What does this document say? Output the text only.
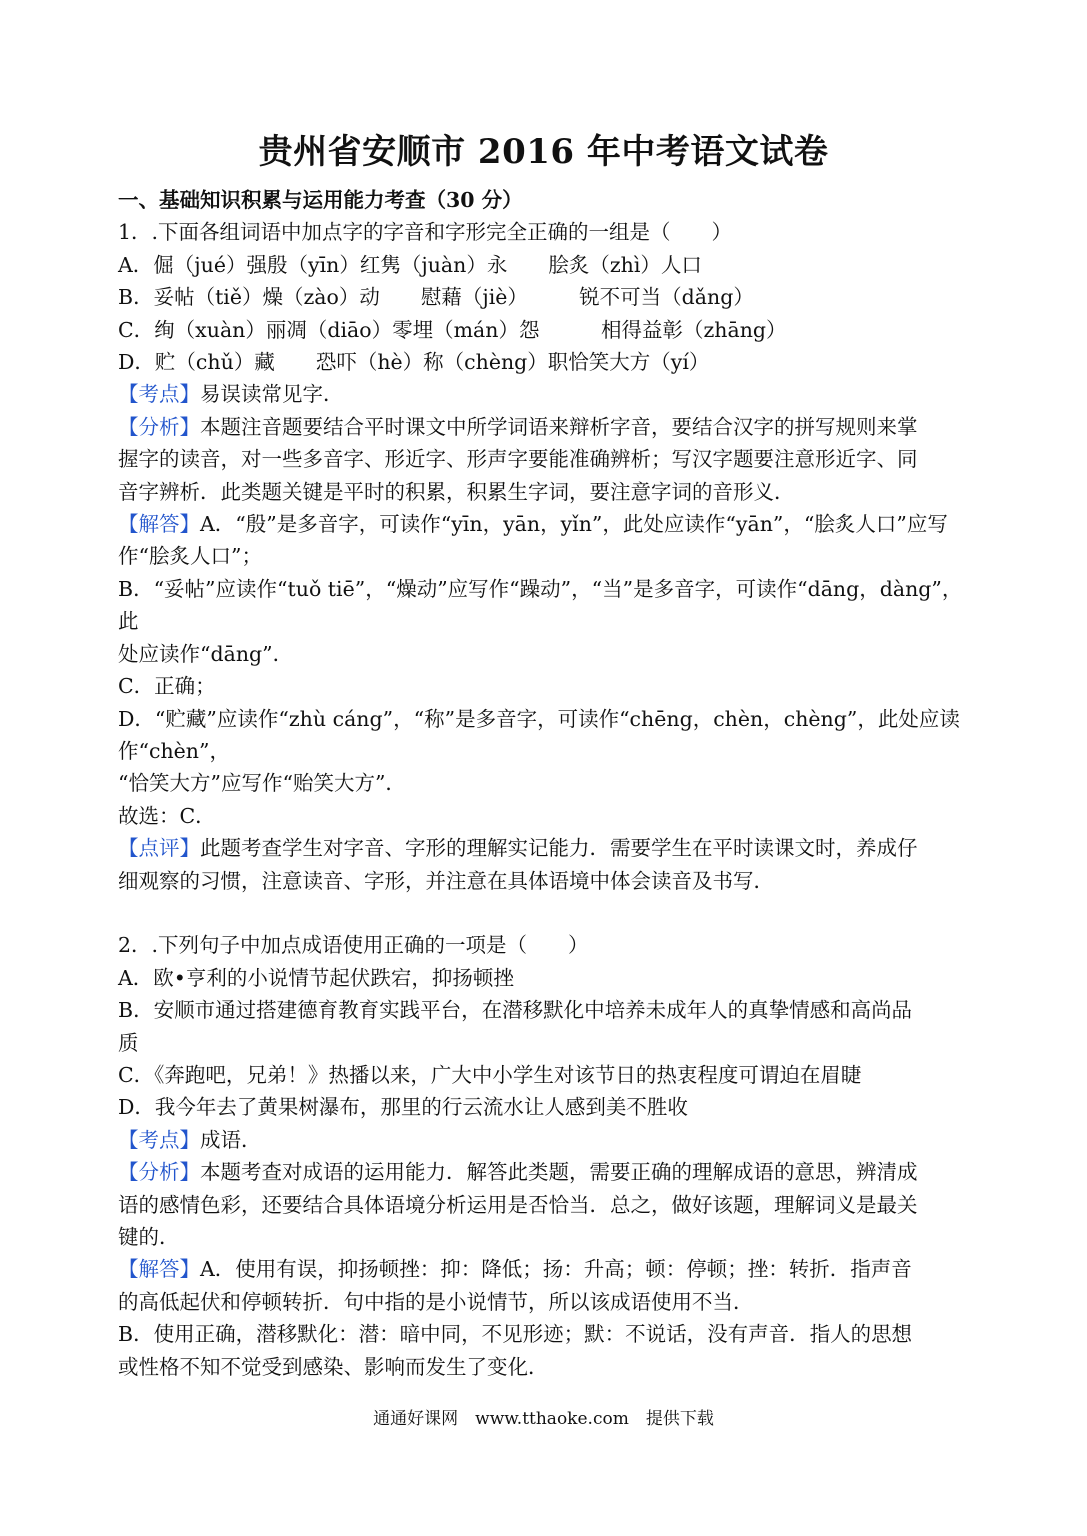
贵州省安顺市 2016 年中考语文试卷
一、基础知识积累与运用能力考查（30 分）
1．.下面各组词语中加点字的字音和字形完全正确的一组是（　　）
A．倔（jué）强殷（yīn）红隽（juàn）永　　脍炙（zhì）人口
B．妥帖（tiě）燥（zào）动　　慰藉（jiè）　　　锐不可当（dǎng）
C．绚（xuàn）丽凋（diāo）零埋（mán）怨　　　相得益彰（zhāng）
D．贮（chǔ）藏　　恐吓（hè）称（chèng）职恰笑大方（yí）
【考点】易误读常见字．
【分析】本题注音题要结合平时课文中所学词语来辩析字音，要结合汉字的拼写规则来掌
握字的读音，对一些多音字、形近字、形声字要能准确辨析；写汉字题要注意形近字、同
音字辨析．此类题关键是平时的积累，积累生字词，要注意字词的音形义．
【解答】A．“殷”是多音字，可读作“yīn，yān，yǐn”，此处应读作“yān”，“脍炙人口”应写
作“脍炙人口”；
B．“妥帖”应读作“tuǒ tiē”，“燥动”应写作“躁动”，“当”是多音字，可读作“dāng，dàng”，此
处应读作“dāng”．
C．正确；
D．“贮藏”应读作“zhù cáng”，“称”是多音字，可读作“chēng，chèn，chèng”，此处应读作“chèn”，
“恰笑大方”应写作“贻笑大方”．
故选：C．
【点评】此题考查学生对字音、字形的理解实记能力．需要学生在平时读课文时，养成仔
细观察的习惯，注意读音、字形，并注意在具体语境中体会读音及书写．
2．.下列句子中加点成语使用正确的一项是（　　）
A．欧•亨利的小说情节起伏跌宕，抑扬顿挫
B．安顺市通过搭建德育教育实践平台，在潜移默化中培养未成年人的真挚情感和高尚品
质
C．《奔跑吧，兄弟！》热播以来，广大中小学生对该节日的热衷程度可谓迫在眉睫
D．我今年去了黄果树瀑布，那里的行云流水让人感到美不胜收
【考点】成语．
【分析】本题考查对成语的运用能力．解答此类题，需要正确的理解成语的意思，辨清成
语的感情色彩，还要结合具体语境分析运用是否恰当．总之，做好该题，理解词义是最关
键的．
【解答】A．使用有误，抑扬顿挫：抑：降低；扬：升高；顿：停顿；挫：转折．指声音
的高低起伏和停顿转折．句中指的是小说情节，所以该成语使用不当．
B．使用正确，潜移默化：潜：暗中同，不见形迹；默：不说话，没有声音．指人的思想
或性格不知不觉受到感染、影响而发生了变化．
通通好课网　www.tthaoke.com　提供下载
